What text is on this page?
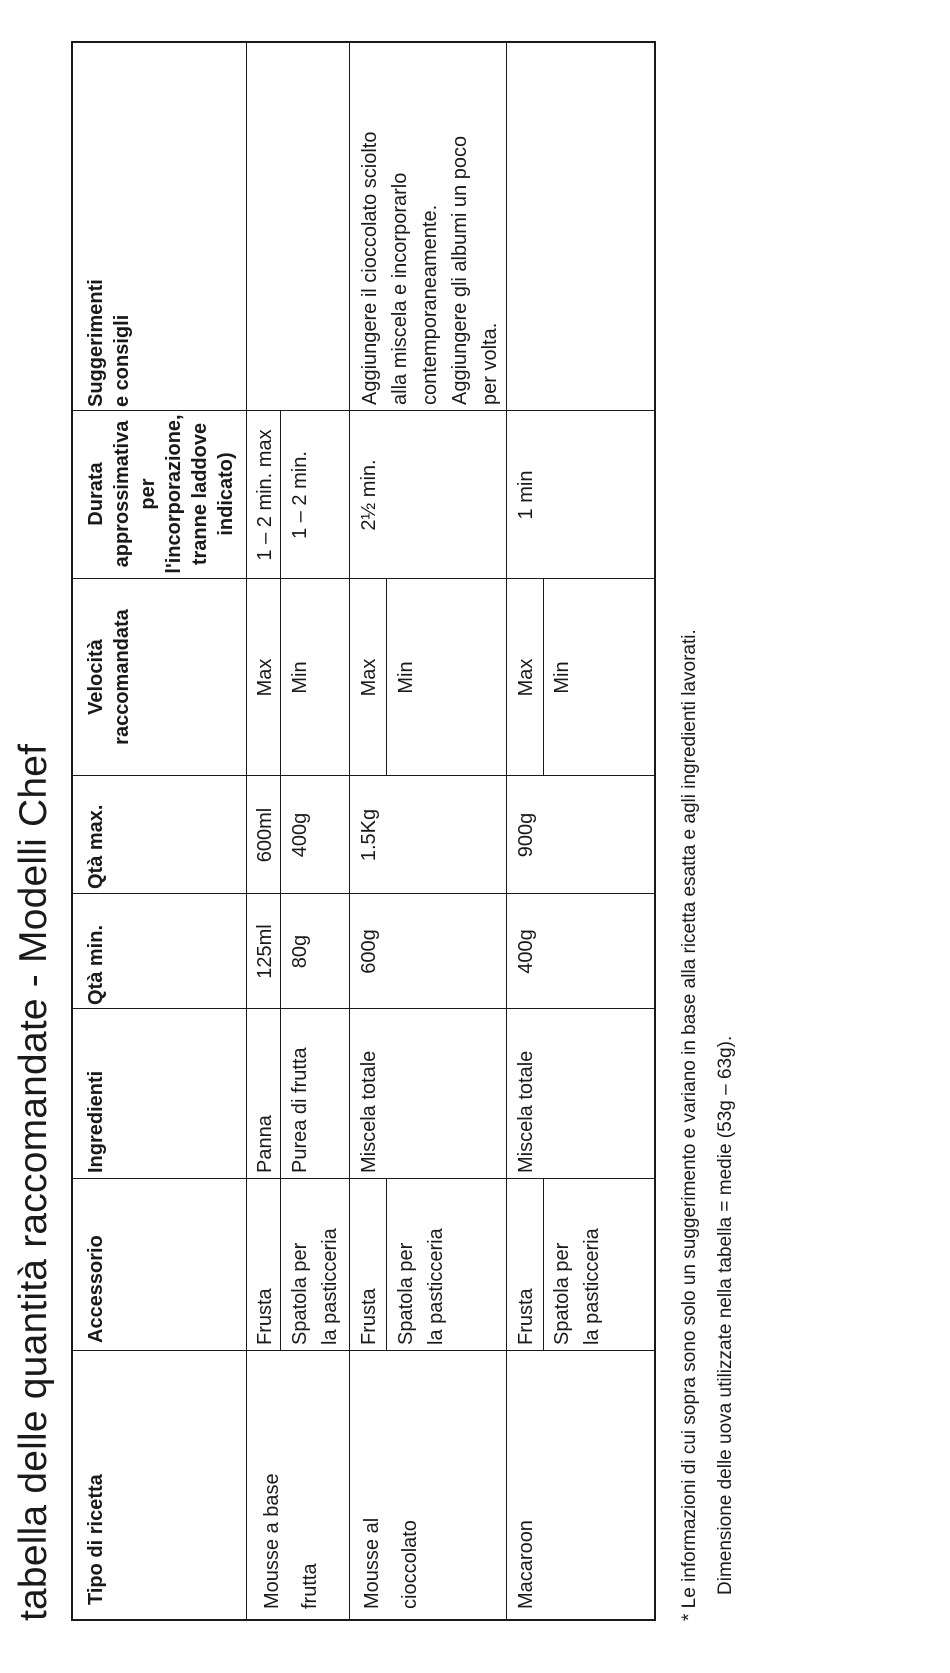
tabella delle quantità raccomandate - Modelli Chef Tipo di ricetta
Accessorio
Ingredienti
Qtà min.
Qtà max.
Velocità
raccomandata
Durata
approssimativa
per
l'incorporazione,
tranne laddove
indicato)
Suggerimenti
e consigli
Mousse a base
frutta
Frusta Spatola per
la pasticceria
Panna Purea di frutta
125ml 80g
600ml 400g
Max Min
1 – 2 min. max 1 – 2 min.
Mousse al
cioccolato
Frusta Spatola per
la pasticceria
Miscela totale
600g
1.5Kg
Max Min
2½ min.
Aggiungere il cioccolato sciolto
alla miscela e incorporarlo
contemporaneamente.
Aggiungere gli albumi un poco
per volta.
Macaroon
Frusta Spatola per
la pasticceria
Miscela totale
400g
900g
Max Min
1 min
* Le informazioni di cui sopra sono solo un suggerimento e variano in base alla ricetta esatta e agli ingredienti lavorati. Dimensione delle uova utilizzate nella tabella = medie (53g – 63g).
